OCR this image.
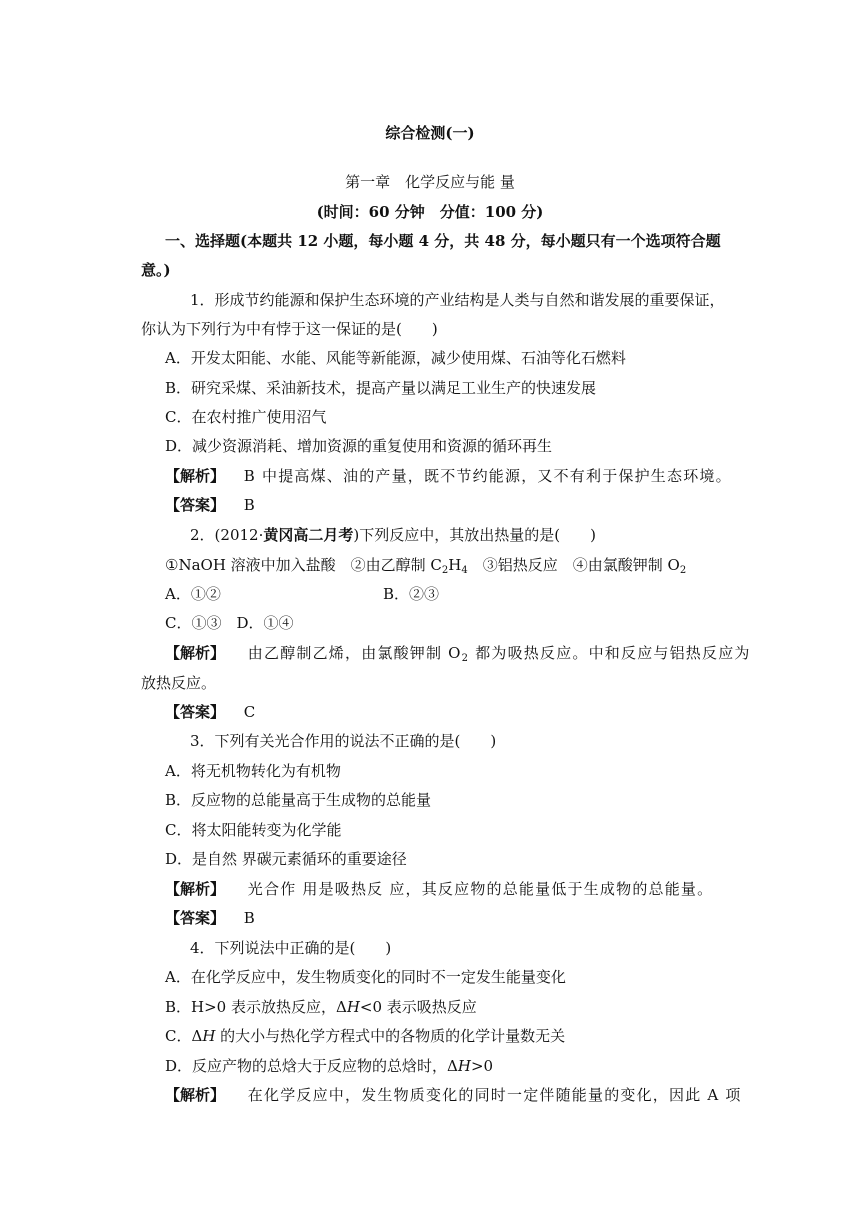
综合检测(一)
第一章　化学反应与能 量
(时间：60 分钟　分值：100 分)
一、选择题(本题共 12 小题，每小题 4 分，共 48 分，每小题只有一个选项符合题
意。)
1．形成节约能源和保护生态环境的产业结构是人类与自然和谐发展的重要保证，
你认为下列行为中有悖于这一保证的是(　　)
A．开发太阳能、水能、风能等新能源，减少使用煤、石油等化石燃料
B．研究采煤、采油新技术，提高产量以满足工业生产的快速发展
C．在农村推广使用沼气
D．减少资源消耗、增加资源的重复使用和资源的循环再生
【解析】 B 中提高煤、油的产量，既不节约能源，又不有利于保护生态环境。
【答案】 B
2．(2012·黄冈高二月考)下列反应中，其放出热量的是(　　)
①NaOH 溶液中加入盐酸　②由乙醇制 $C_2H_4$　③铝热反应　④由氯酸钾制 $O_2$
A．①②	B．②③
C．①③　D．①④
【解析】 由乙醇制乙烯，由氯酸钾制 $O_2$ 都为吸热反应。中和反应与铝热反应为
放热反应。
【答案】 C
3．下列有关光合作用的说法不正确的是(　　)
A．将无机物转化为有机物
B．反应物的总能量高于生成物的总能量
C．将太阳能转变为化学能
D．是自然 界碳元素循环的重要途径
【解析】 光合作 用是吸热反 应，其反应物的总能量低于生成物的总能量。
【答案】 B
4．下列说法中正确的是(　　)
A．在化学反应中，发生物质变化的同时不一定发生能量变化
B．H>0 表示放热反应，ΔH<0 表示吸热反应
C．ΔH 的大小与热化学方程式中的各物质的化学计量数无关
D．反应产物的总焓大于反应物的总焓时，ΔH>0
【解析】 在化学反应中，发生物质变化的同时一定伴随能量的变化，因此 A 项
